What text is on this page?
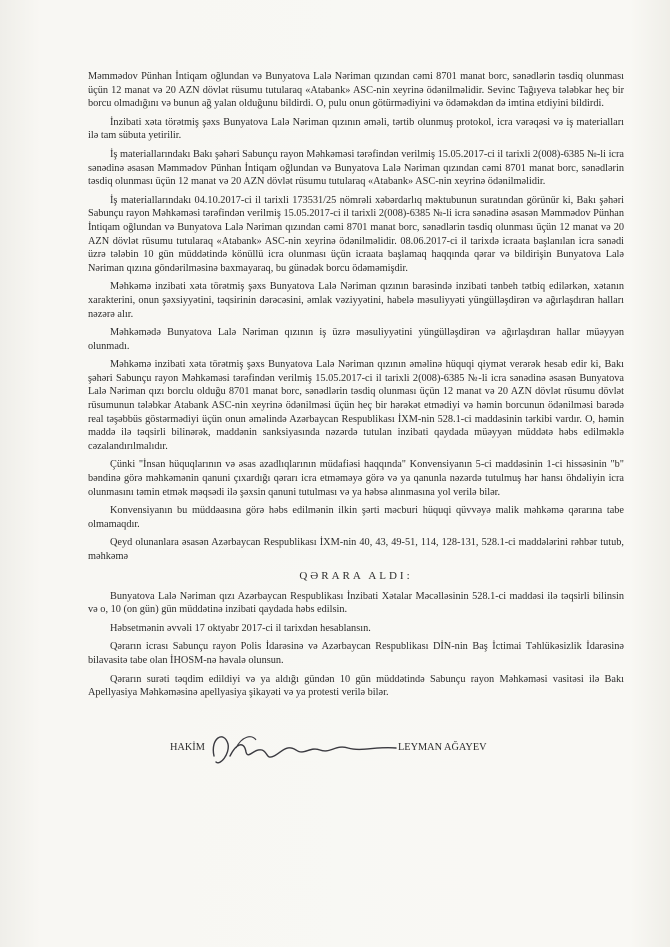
Məmmədov Pünhan İntiqam oğlundan və Bunyatova Lalə Nəriman qızından cəmi 8701 manat borc, sənədlərin təsdiq olunması üçün 12 manat və 20 AZN dövlət rüsumu tutularaq «Atabank» ASC-nin xeyrinə ödənilməlidir. Sevinc Tağıyeva tələbkar heç bir borcu olmadığını və bunun ağ yalan olduğunu bildirdi. O, pulu onun götürmədiyini və ödəməkdən də imtina etdiyini bildirdi.

İnzibati xəta törətmiş şəxs Bunyatova Lalə Nəriman qızının əməli, tərtib olunmuş protokol, icra vərəqəsi və iş materialları ilə tam sübuta yetirilir.

İş materiallarındakı Bakı şəhəri Sabunçu rayon Məhkəməsi tərəfindən verilmiş 15.05.2017-ci il tarixli 2(008)-6385 №-li icra sənədinə əsasən Məmmədov Pünhan İntiqam oğlundan və Bunyatova Lalə Nəriman qızından cəmi 8701 manat borc, sənədlərin təsdiq olunması üçün 12 manat və 20 AZN dövlət rüsumu tutularaq «Atabank» ASC-nin xeyrinə ödənilməlidir.

İş materiallarındakı 04.10.2017-ci il tarixli 173531/25 nömrəli xəbərdarlıq məktubunun suratından görünür ki, Bakı şəhəri Sabunçu rayon Məhkəməsi tərəfindən verilmiş 15.05.2017-ci il tarixli 2(008)-6385 №-li icra sənədinə əsasən Məmmədov Pünhan İntiqam oğlundan və Bunyatova Lalə Nəriman qızından cəmi 8701 manat borc, sənədlərin təsdiq olunması üçün 12 manat və 20 AZN dövlət rüsumu tutularaq «Atabank» ASC-nin xeyrinə ödənilməlidir. 08.06.2017-ci il tarixdə icraata başlanılan icra sənədi üzrə tələbin 10 gün müddətində könüllü icra olunması üçün icraata başlamaq haqqında qərar və bildirişin Bunyatova Lalə Nəriman qızına göndərilməsinə baxmayaraq, bu günədək borcu ödəməmişdir.

Məhkəmə inzibati xəta törətmiş şəxs Bunyatova Lalə Nəriman qızının barəsində inzibati tənbeh tətbiq edilərkən, xətanın xarakterini, onun şəxsiyyətini, təqsirinin dərəcəsini, əmlak vəziyyətini, habelə məsuliyyəti yüngülləşdirən və ağırlaşdıran halları nəzərə alır.

Məhkəmədə Bunyatova Lalə Nəriman qızının iş üzrə məsuliyyətini yüngülləşdirən və ağırlaşdıran hallar müəyyən olunmadı.

Məhkəmə inzibati xəta törətmiş şəxs Bunyatova Lalə Nəriman qızının əməlinə hüquqi qiymət verərək hesab edir ki, Bakı şəhəri Sabunçu rayon Məhkəməsi tərəfindən verilmiş 15.05.2017-ci il tarixli 2(008)-6385 №-li icra sənədinə əsasən Bunyatova Lalə Nəriman qızı borclu olduğu 8701 manat borc, sənədlərin təsdiq olunması üçün 12 manat və 20 AZN dövlət rüsumu dövlət rüsumunun tələbkar Atabank ASC-nin xeyrinə ödənilməsi üçün heç bir hərəkət etmədiyi və həmin borcunun ödənilməsi barədə real təşəbbüs göstərmədiyi üçün onun əməlində Azərbaycan Respublikası İXM-nin 528.1-ci maddəsinin tərkibi vardır. O, həmin maddə ilə təqsirli bilinərək, maddənin sanksiyasında nəzərdə tutulan inzibati qaydada müəyyən müddətə həbs edilməklə cəzalandırılmalıdır.

Çünki "İnsan hüquqlarının və əsas azadlıqlarının müdafiəsi haqqında" Konvensiyanın 5-ci maddəsinin 1-ci hissəsinin "b" bəndinə görə məhkəmənin qanuni çıxardığı qərarı icra etməməyə görə və ya qanunla nəzərdə tutulmuş hər hansı öhdəliyin icra olunmasını təmin etmək məqsədi ilə şəxsin qanuni tutulması və ya həbsə alınmasına yol verilə bilər.

Konvensiyanın bu müddəasına görə həbs edilmənin ilkin şərti məcburi hüquqi qüvvəyə malik məhkəmə qərarına tabe olmamaqdır.

Qeyd olunanlara əsasən Azərbaycan Respublikası İXM-nin 40, 43, 49-51, 114, 128-131, 528.1-ci maddələrini rəhbər tutub, məhkəmə

QƏRARA ALDI:

Bunyatova Lalə Nəriman qızı Azərbaycan Respublikası İnzibati Xətalar Məcəlləsinin 528.1-ci maddəsi ilə təqsirli bilinsin və o, 10 (on gün) gün müddətinə inzibati qaydada həbs edilsin.

Həbsetmənin əvvəli 17 oktyabr 2017-ci il tarixdən hesablansın.

Qərarın icrası Sabunçu rayon Polis İdarəsinə və Azərbaycan Respublikası DİN-nin Baş İctimai Təhlükəsizlik İdarəsinə bilavasitə tabe olan İHOSM-nə həvalə olunsun.

Qərarın surəti təqdim edildiyi və ya aldığı gündən 10 gün müddətində Sabunçu rayon Məhkəməsi vasitəsi ilə Bakı Apellyasiya Məhkəməsinə apellyasiya şikayəti və ya protesti verilə bilər.

HAKİM	LEYMAN AĞAYEV
